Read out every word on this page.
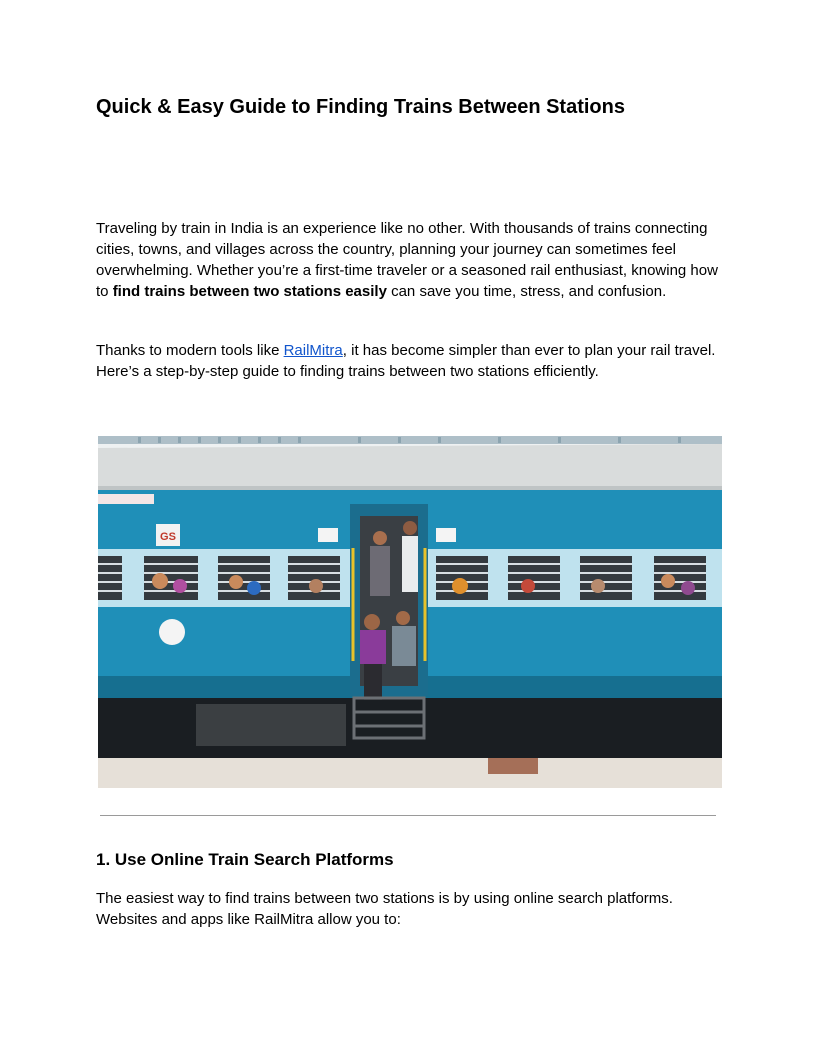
Quick & Easy Guide to Finding Trains Between Stations

Traveling by train in India is an experience like no other. With thousands of trains connecting cities, towns, and villages across the country, planning your journey can sometimes feel overwhelming. Whether you’re a first-time traveler or a seasoned rail enthusiast, knowing how to find trains between two stations easily can save you time, stress, and confusion.

Thanks to modern tools like RailMitra, it has become simpler than ever to plan your rail travel. Here’s a step-by-step guide to finding trains between two stations efficiently.

GS
1. Use Online Train Search Platforms

The easiest way to find trains between two stations is by using online search platforms. Websites and apps like RailMitra allow you to:
